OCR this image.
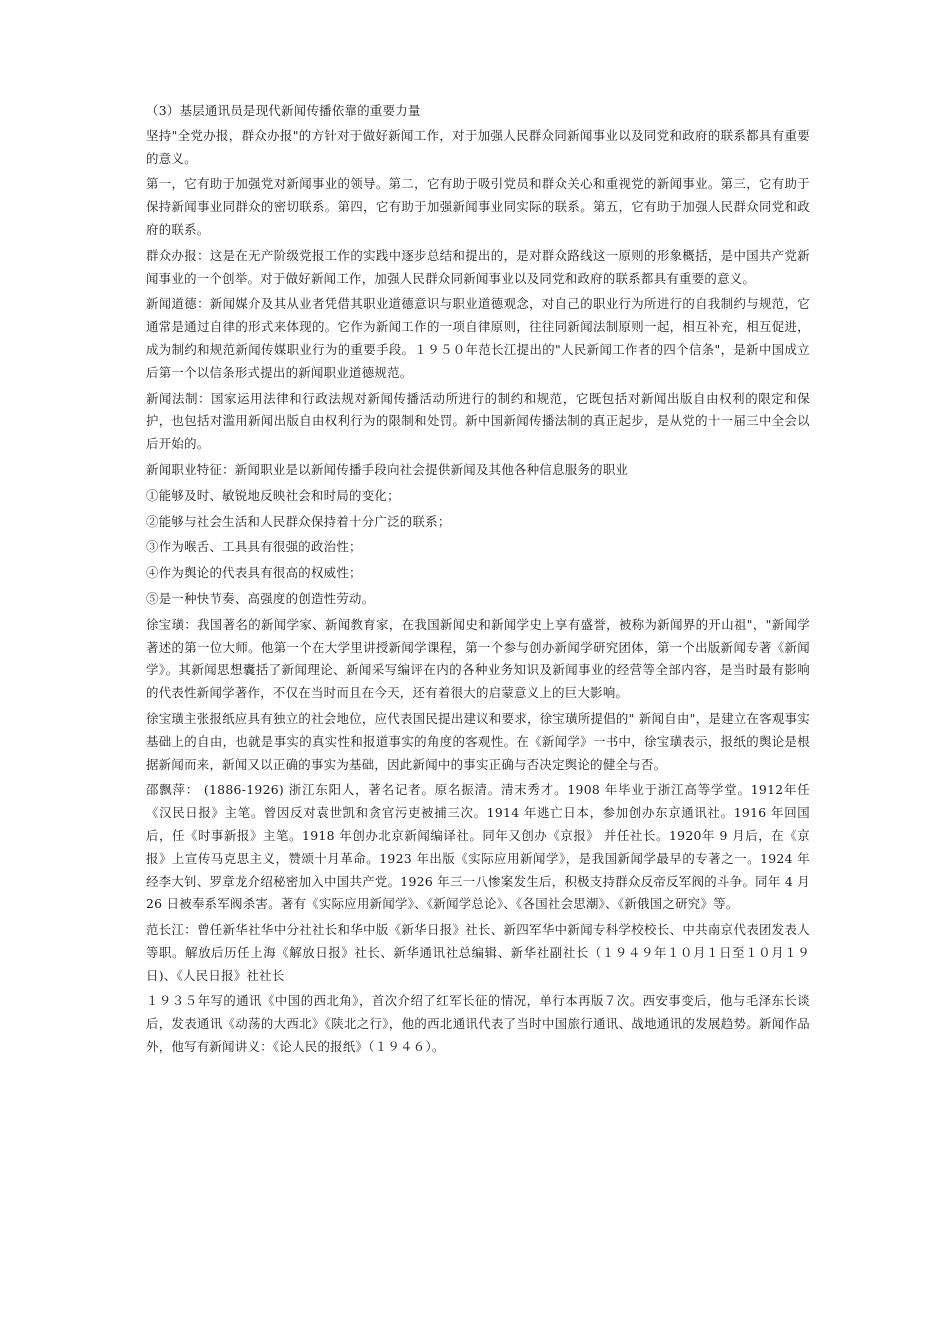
（3）基层通讯员是现代新闻传播依靠的重要力量

坚持"全党办报，群众办报"的方针对于做好新闻工作，对于加强人民群众同新闻事业以及同党和政府的联系都具有重要的意义。

第一，它有助于加强党对新闻事业的领导。第二，它有助于吸引党员和群众关心和重视党的新闻事业。第三，它有助于保持新闻事业同群众的密切联系。第四，它有助于加强新闻事业同实际的联系。第五，它有助于加强人民群众同党和政府的联系。

群众办报：这是在无产阶级党报工作的实践中逐步总结和提出的，是对群众路线这一原则的形象概括，是中国共产党新闻事业的一个创举。对于做好新闻工作，加强人民群众同新闻事业以及同党和政府的联系都具有重要的意义。

新闻道德：新闻媒介及其从业者凭借其职业道德意识与职业道德观念，对自己的职业行为所进行的自我制约与规范，它通常是通过自律的形式来体现的。它作为新闻工作的一项自律原则，往往同新闻法制原则一起，相互补充，相互促进，成为制约和规范新闻传媒职业行为的重要手段。１９５０年范长江提出的"人民新闻工作者的四个信条"，是新中国成立后第一个以信条形式提出的新闻职业道德规范。

新闻法制：国家运用法律和行政法规对新闻传播活动所进行的制约和规范，它既包括对新闻出版自由权利的限定和保护，也包括对滥用新闻出版自由权利行为的限制和处罚。新中国新闻传播法制的真正起步，是从党的十一届三中全会以后开始的。

新闻职业特征：新闻职业是以新闻传播手段向社会提供新闻及其他各种信息服务的职业

①能够及时、敏锐地反映社会和时局的变化；

②能够与社会生活和人民群众保持着十分广泛的联系；

③作为喉舌、工具具有很强的政治性；

④作为舆论的代表具有很高的权威性；

⑤是一种快节奏、高强度的创造性劳动。

徐宝璜：我国著名的新闻学家、新闻教育家，在我国新闻史和新闻学史上享有盛誉，被称为新闻界的开山祖"，"新闻学著述的第一位大师。他第一个在大学里讲授新闻学课程，第一个参与创办新闻学研究团体，第一个出版新闻专著《新闻学》。其新闻思想囊括了新闻理论、新闻采写编评在内的各种业务知识及新闻事业的经营等全部内容，是当时最有影响的代表性新闻学著作，不仅在当时而且在今天，还有着很大的启蒙意义上的巨大影响。

徐宝璜主张报纸应具有独立的社会地位，应代表国民提出建议和要求，徐宝璜所提倡的" 新闻自由"，是建立在客观事实基础上的自由，也就是事实的真实性和报道事实的角度的客观性。在《新闻学》一书中，徐宝璜表示，报纸的舆论是根据新闻而来，新闻又以正确的事实为基础，因此新闻中的事实正确与否决定舆论的健全与否。

邵飘萍： (1886-1926) 浙江东阳人，著名记者。原名振清。清末秀才。1908 年毕业于浙江高等学堂。1912年任《汉民日报》主笔。曾因反对袁世凯和贪官污吏被捕三次。1914 年逃亡日本，参加创办东京通讯社。1916 年回国后，任《时事新报》主笔。1918 年创办北京新闻编译社。同年又创办《京报》 并任社长。1920年 9 月后，在《京报》上宣传马克思主义，赞颂十月革命。1923 年出版《实际应用新闻学》，是我国新闻学最早的专著之一。1924 年经李大钊、罗章龙介绍秘密加入中国共产党。1926 年三一八惨案发生后，积极支持群众反帝反军阀的斗争。同年 4 月 26 日被奉系军阀杀害。著有《实际应用新闻学》、《新闻学总论》、《各国社会思潮》、《新俄国之研究》等。

范长江：曾任新华社华中分社社长和华中版《新华日报》社长、新四军华中新闻专科学校校长、中共南京代表团发表人等职。解放后历任上海《解放日报》社长、新华通讯社总编辑、新华社副社长（１９４９年１０月１日至１０月１９日)、《人民日报》社社长

１９３５年写的通讯《中国的西北角》，首次介绍了红军长征的情况，单行本再版７次。西安事变后，他与毛泽东长谈后，发表通讯《动荡的大西北》《陕北之行》，他的西北通讯代表了当时中国旅行通讯、战地通讯的发展趋势。新闻作品外，他写有新闻讲义：《论人民的报纸》（１９４６）。
